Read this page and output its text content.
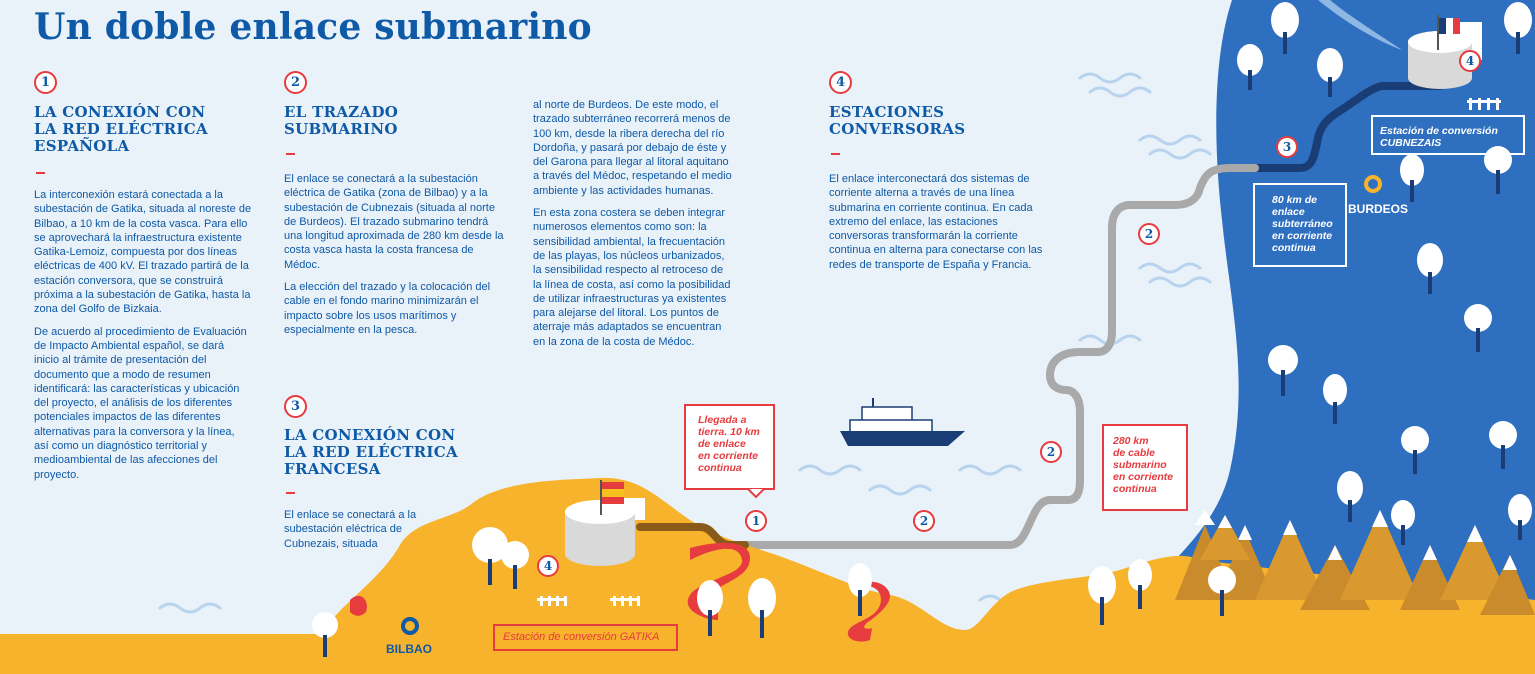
Un doble enlace submarino
1
LA CONEXIÓN CON
LA RED ELÉCTRICA
ESPAÑOLA

La interconexión estará conectada a la subestación de Gatika, situada al noreste de Bilbao, a 10 km de la costa vasca. Para ello se aprovechará la infraestructura existente Gatika-Lemoiz, compuesta por dos líneas eléctricas de 400 kV. El trazado partirá de la estación conversora, que se construirá próxima a la subestación de Gatika, hasta la zona del Golfo de Bizkaia.

De acuerdo al procedimiento de Evaluación de Impacto Ambiental español, se dará inicio al trámite de presentación del documento que a modo de resumen identificará: las características y ubicación del proyecto, el análisis de los diferentes potenciales impactos de las diferentes alternativas para la conversora y la línea, así como un diagnóstico territorial y medioambiental de las afecciones del proyecto.

2
EL TRAZADO
SUBMARINO

El enlace se conectará a la subestación eléctrica de Gatika (zona de Bilbao) y a la subestación de Cubnezais (situada al norte de Burdeos). El trazado submarino tendrá una longitud aproximada de 280 km desde la costa vasca hasta la costa francesa de Médoc.

La elección del trazado y la colocación del cable en el fondo marino minimizarán el impacto sobre los usos marítimos y especialmente en la pesca.

3
LA CONEXIÓN CON
LA RED ELÉCTRICA
FRANCESA

El enlace se conectará a la subestación eléctrica de Cubnezais, situada

al norte de Burdeos. De este modo, el trazado subterráneo recorrerá menos de 100 km, desde la ribera derecha del río Dordoña, y pasará por debajo de éste y del Garona para llegar al litoral aquitano a través del Médoc, respetando el medio ambiente y las actividades humanas.

En esta zona costera se deben integrar numerosos elementos como son: la sensibilidad ambiental, la frecuentación de las playas, los núcleos urbanizados, la sensibilidad respecto al retroceso de la línea de costa, así como la posibilidad de utilizar infraestructuras ya existentes para alejarse del litoral. Los puntos de aterraje más adaptados se encuentran en la zona de la costa de Médoc.

4
ESTACIONES
CONVERSORAS

El enlace interconectará dos sistemas de corriente alterna a través de una línea submarina en corriente continua. En cada extremo del enlace, las estaciones conversoras transformarán la corriente continua en alterna para conectarse con las redes de transporte de España y Francia.

1	2
2
2
3
4
4
Llegada a
tierra. 10 km
de enlace
en corriente
continua
280 km
de cable
submarino
en corriente
continua
80 km de
enlace
subterráneo
en corriente
continua
Estación de conversión GATIKA
Estación de conversión
CUBNEZAIS
BILBAO
BURDEOS
